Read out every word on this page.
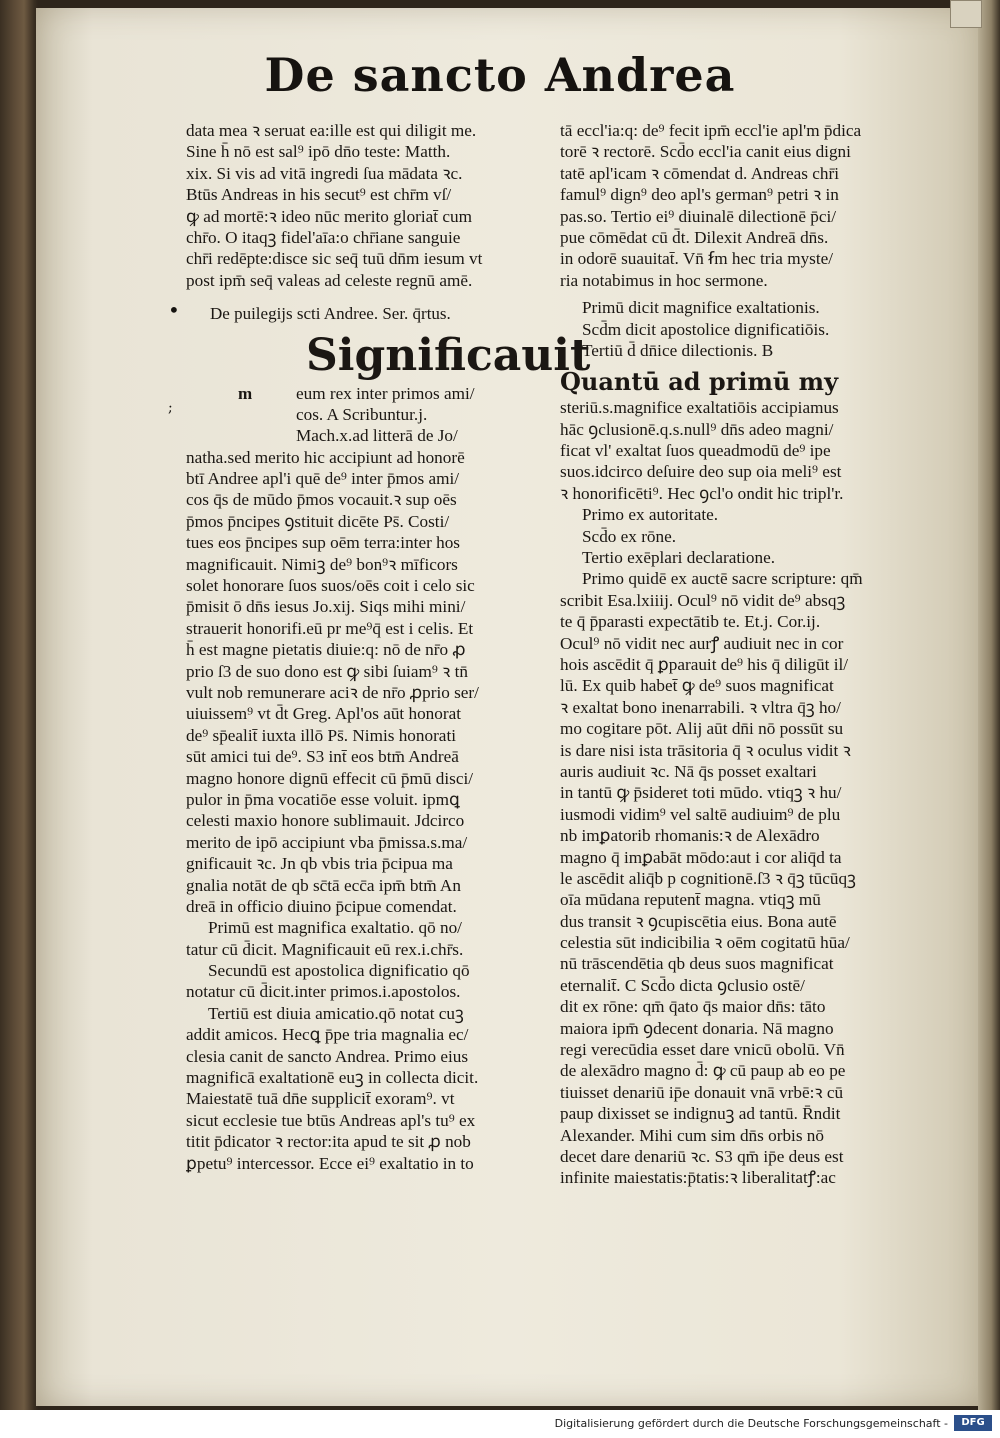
De sancto Andrea
•
;
data mea ꝛ seruat ea:ille est qui diligit me.
Sine h̄ nō est sal⁹ ipō dn̄o teste: Matth.
xix. Si vis ad vitā ingredi ſua mādata ꝛc.
Btūs Andreas in his secut⁹ est chr̄m vſ/
ꝙ ad mortē:ꝛ ideo nūc merito gloriat̄ cum
chr̄o. O itaqꝫ fidel'aīa:o chr̄iane sanguie
chr̄i redēpte:disce sic seq̄ tuū dn̄m iesum vt
post ipm̄ seq̄ valeas ad celeste regnū amē.
De puilegijs scti Andree. Ser. q̄rtus.
Significauit
m	eum rex inter primos ami/
cos. A Scribuntur.j.
Mach.x.ad litterā de Jo/
natha.sed merito hic accipiunt ad honorē
btī Andree apl'i quē de⁹ inter p̄mos ami/
cos q̄s de mūdo p̄mos vocauit.ꝛ sup oēs
p̄mos p̄ncipes ꝯstituit dicēte Ps̄. Costi/
tues eos p̄ncipes sup oēm terra:inter hos
magnificauit. Nimiꝫ de⁹ bon⁹ꝛ mīficors
solet honorare ſuos suos/oēs coit i celo sic
p̄misit ō dn̄s iesus Jo.xij. Siqs mihi mini/
strauerit honorifi.eū pr me⁹q̄ est i celis. Et
h̄ est magne pietatis diuie:q: nō de nr̄o ꝓ
prio ſ3 de suo dono est ꝙ sibi ſuiam⁹ ꝛ tn̄
vult nob remunerare aciꝛ de nr̄o ꝓprio ser/
uiuissem⁹ vt d̄t Greg. Apl'os aūt honorat
de⁹ sp̄ealit̄ iuxta illō Ps̄. Nimis honorati
sūt amici tui de⁹. S3 int̄ eos btm̄ Andreā
magno honore dignū effecit cū p̄mū disci/
pulor in p̄ma vocatiōe esse voluit. ipmꝗ
celesti maxio honore sublimauit. Jdcirco
merito de ipō accipiunt vba p̄missa.s.ma/
gnificauit ꝛc. Jn qb vbis tria p̄cipua ma
gnalia notāt de qb sc̄tā ecc̄a ipm̄ btm̄ An
dreā in officio diuino p̄cipue comendat.
Primū est magnifica exaltatio. qō no/
tatur cū d̄icit. Magnificauit eū rex.i.chr̄s.
Secundū est apostolica dignificatio qō
notatur cū d̄icit.inter primos.i.apostolos.
Tertiū est diuia amicatio.qō notat cuꝫ
addit amicos. Hecꝗ p̄pe tria magnalia ec/
clesia canit de sancto Andrea. Primo eius
magnificā exaltationē euꝫ in collecta dicit.
Maiestatē tuā dn̄e supplicit̄ exoram⁹. vt
sicut ecclesie tue btūs Andreas apl's tu⁹ ex
titit p̄dicator ꝛ rector:ita apud te sit ꝓ nob
ꝑpetu⁹ intercessor. Ecce ei⁹ exaltatio in to
tā eccl'ia:q: de⁹ fecit ipm̄ eccl'ie apl'm p̄dica
torē ꝛ rectorē. Scd̄o eccl'ia canit eius digni
tatē apl'icam ꝛ cōmendat d. Andreas chr̄i
famul⁹ dign⁹ deo apl's german⁹ petri ꝛ in
pas.so. Tertio ei⁹ diuinalē dilectionē p̄ci/
pue cōmēdat cū d̄t. Dilexit Andreā dn̄s.
in odorē suauitat̄. Vn̄ ẜm hec tria myste/
ria notabimus in hoc sermone.
Primū dicit magnifice exaltationis.
Scd̄m dicit apostolice dignificatiōis.
Tertiū d̄ dn̄ice dilectionis. B
Quantū ad primū my
steriū.s.magnifice exaltatiōis accipiamus
hāc ꝯclusionē.q.s.null⁹ dn̄s adeo magni/
ficat vl' exaltat ſuos queadmodū de⁹ ipe
suos.idcirco deſuire deo sup oia meli⁹ est
ꝛ honorificēti⁹. Hec ꝯcl'o ondit hic tripl'r.
Primo ex autoritate.
Scd̄o ex rōne.
Tertio exēplari declaratione.
Primo quidē ex auctē sacre scripture: qm̄
scribit Esa.lxiiij. Ocul⁹ nō vidit de⁹ absqꝫ
te q̄ p̄parasti expectātib te. Et.j. Cor.ij.
Ocul⁹ nō vidit nec aurꝭ audiuit nec in cor
hois ascēdit q̄ ꝑparauit de⁹ his q̄ diligūt il/
lū. Ex quib habet̄ ꝙ de⁹ suos magnificat
ꝛ exaltat bono inenarrabili. ꝛ vltra q̄ꝫ ho/
mo cogitare pōt. Alij aūt dn̄i nō possūt su
is dare nisi ista trāsitoria q̄ ꝛ oculus vidit ꝛ
auris audiuit ꝛc. Nā q̄s posset exaltari
in tantū ꝙ p̄sideret toti mūdo. vtiqꝫ ꝛ hu/
iusmodi vidim⁹ vel saltē audiuim⁹ de plu
nb imꝑatorib rhomanis:ꝛ de Alexādro
magno q̄ imꝑabāt mōdo:aut i cor aliq̄d ta
le ascēdit aliq̄b p cognitionē.ſ3 ꝛ q̄ꝫ tūcūqꝫ
oīa mūdana reputent̄ magna. vtiqꝫ mū
dus transit ꝛ ꝯcupiscētia eius. Bona autē
celestia sūt indicibilia ꝛ oēm cogitatū hūa/
nū trāscendētia qb deus suos magnificat
eternalit̄. C Scd̄o dicta ꝯclusio ostē/
dit ex rōne: qm̄ q̄ato q̄s maior dn̄s: tāto
maiora ipm̄ ꝯdecent donaria. Nā magno
regi verecūdia esset dare vnicū obolū. Vn̄
de alexādro magno d̄: ꝙ cū paup ab eo pe
tiuisset denariū ip̄e donauit vnā vrbē:ꝛ cū
paup dixisset se indignuꝫ ad tantū. R̄ndit
Alexander. Mihi cum sim dn̄s orbis nō
decet dare denariū ꝛc. S3 qm̄ ip̄e deus est
infinite maiestatis:p̄tatis:ꝛ liberalitatꝭ:ac
Digitalisierung gefördert durch die Deutsche Forschungsgemeinschaft -	DFG
